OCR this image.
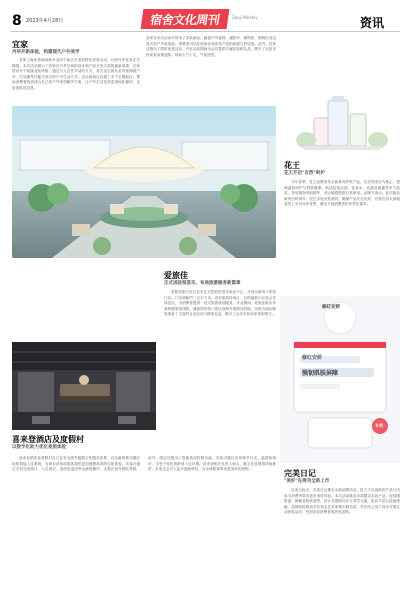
8 2023年4月28日	宿舍文化周刊	Zaoji Weekly	资讯
宜家
丹华开新体验，构建现代户外美学
宜家上海北蔡商场新开业四个新店开业的特色体验活动，日前丹华宜家正式揭幕。本次活动展示了宜家在户外空间的设计和产品开发方面的最新成果，在家居设计中延续北欧风格，通过与大自然对话的方式，将生活空间从室内延伸到户外，打造兼具功能与美学的户外生活方式。活动现场还设置了多个主题展区，帮助消费者找到适合自己的户外家居解决方案，让户外生活变得更加轻松愉快，也更加贴近自然。
宜家在本次活动中带来了多款新品，涵盖户外桌椅、遮阳伞、储物柜、照明灯具以及各类户外装饰品，消费者可以在现场亲身体验产品的质感与舒适度。此外，宜家还推出了限时优惠活动，并在活动期间为会员提供专属折扣和礼品，吸引了大批市民前来参观选购，现场人气十足，气氛热烈。
花王
花王开启"自然"呵护
今年春季，花王品牌发布全新系列护肤产品，以自然成分为核心，强调温和呵护与肌肤健康。新品包括洁面、化妆水、乳液及面霜等多个品类，采用植物萃取精华，适合敏感肌肤日常使用。品牌方表示，此次新品研发历时两年，经过多轮皮肤测试，确保产品安全有效，并将在各大商超及线上平台同步发售，满足不同消费者的多样化需求。
爱旅佳
正式进驻恒荟乐，布局旅游服务新篇章
爱旅佳旅行近日宣布正式进驻恒荟乐商业中心，开设全新线下体验门店。门店面积约三百平方米，设有旅游咨询区、目的地展示区及会员休息区，为消费者提供一站式旅游规划服务。开业期间，爱旅佳推出多条特惠旅游线路，涵盖国内热门景区及海外度假目的地，同时为到店顾客准备了丰富的互动活动与精美礼品，吸引了众多市民前来咨询预订。
喜来登酒店及度假村
以数字化助力优化差旅体验
喜来登酒店及度假村近日宣布全面升级数字化服务体系，以全新的移动端应用和智能入住系统，为商务及休闲旅客提供更加便捷高效的住宿体验。宾客可通过手机完成预订、入住登记、选房及退房等全流程操作，无需在前台排队等候。此外，酒店还推出了智能客房控制功能，宾客可通过应用调节灯光、温度和窗帘，享受个性化的舒适入住环境。喜来登相关负责人表示，数字化转型将持续推进，未来还会引入更多创新科技，为全球旅客带来更美好的旅程。
修红安妍
修红安妍
强韧肌肤屏障
专利
完美日记
"美好"在周刊全新上市
以美为起点，完美日记推出全新品牌活动，致力于以创新的产品与内容为消费者带来更多美好体验。本次活动推出多款限定彩妆产品，包括眼影盘、唇釉及粉底液等，设计灵感源自东方美学元素，色彩丰富且质地细腻。品牌同时联动多位知名艺术家推出联名款，并在线上线下同步开展互动体验活动，受到年轻消费者的热烈追捧。
